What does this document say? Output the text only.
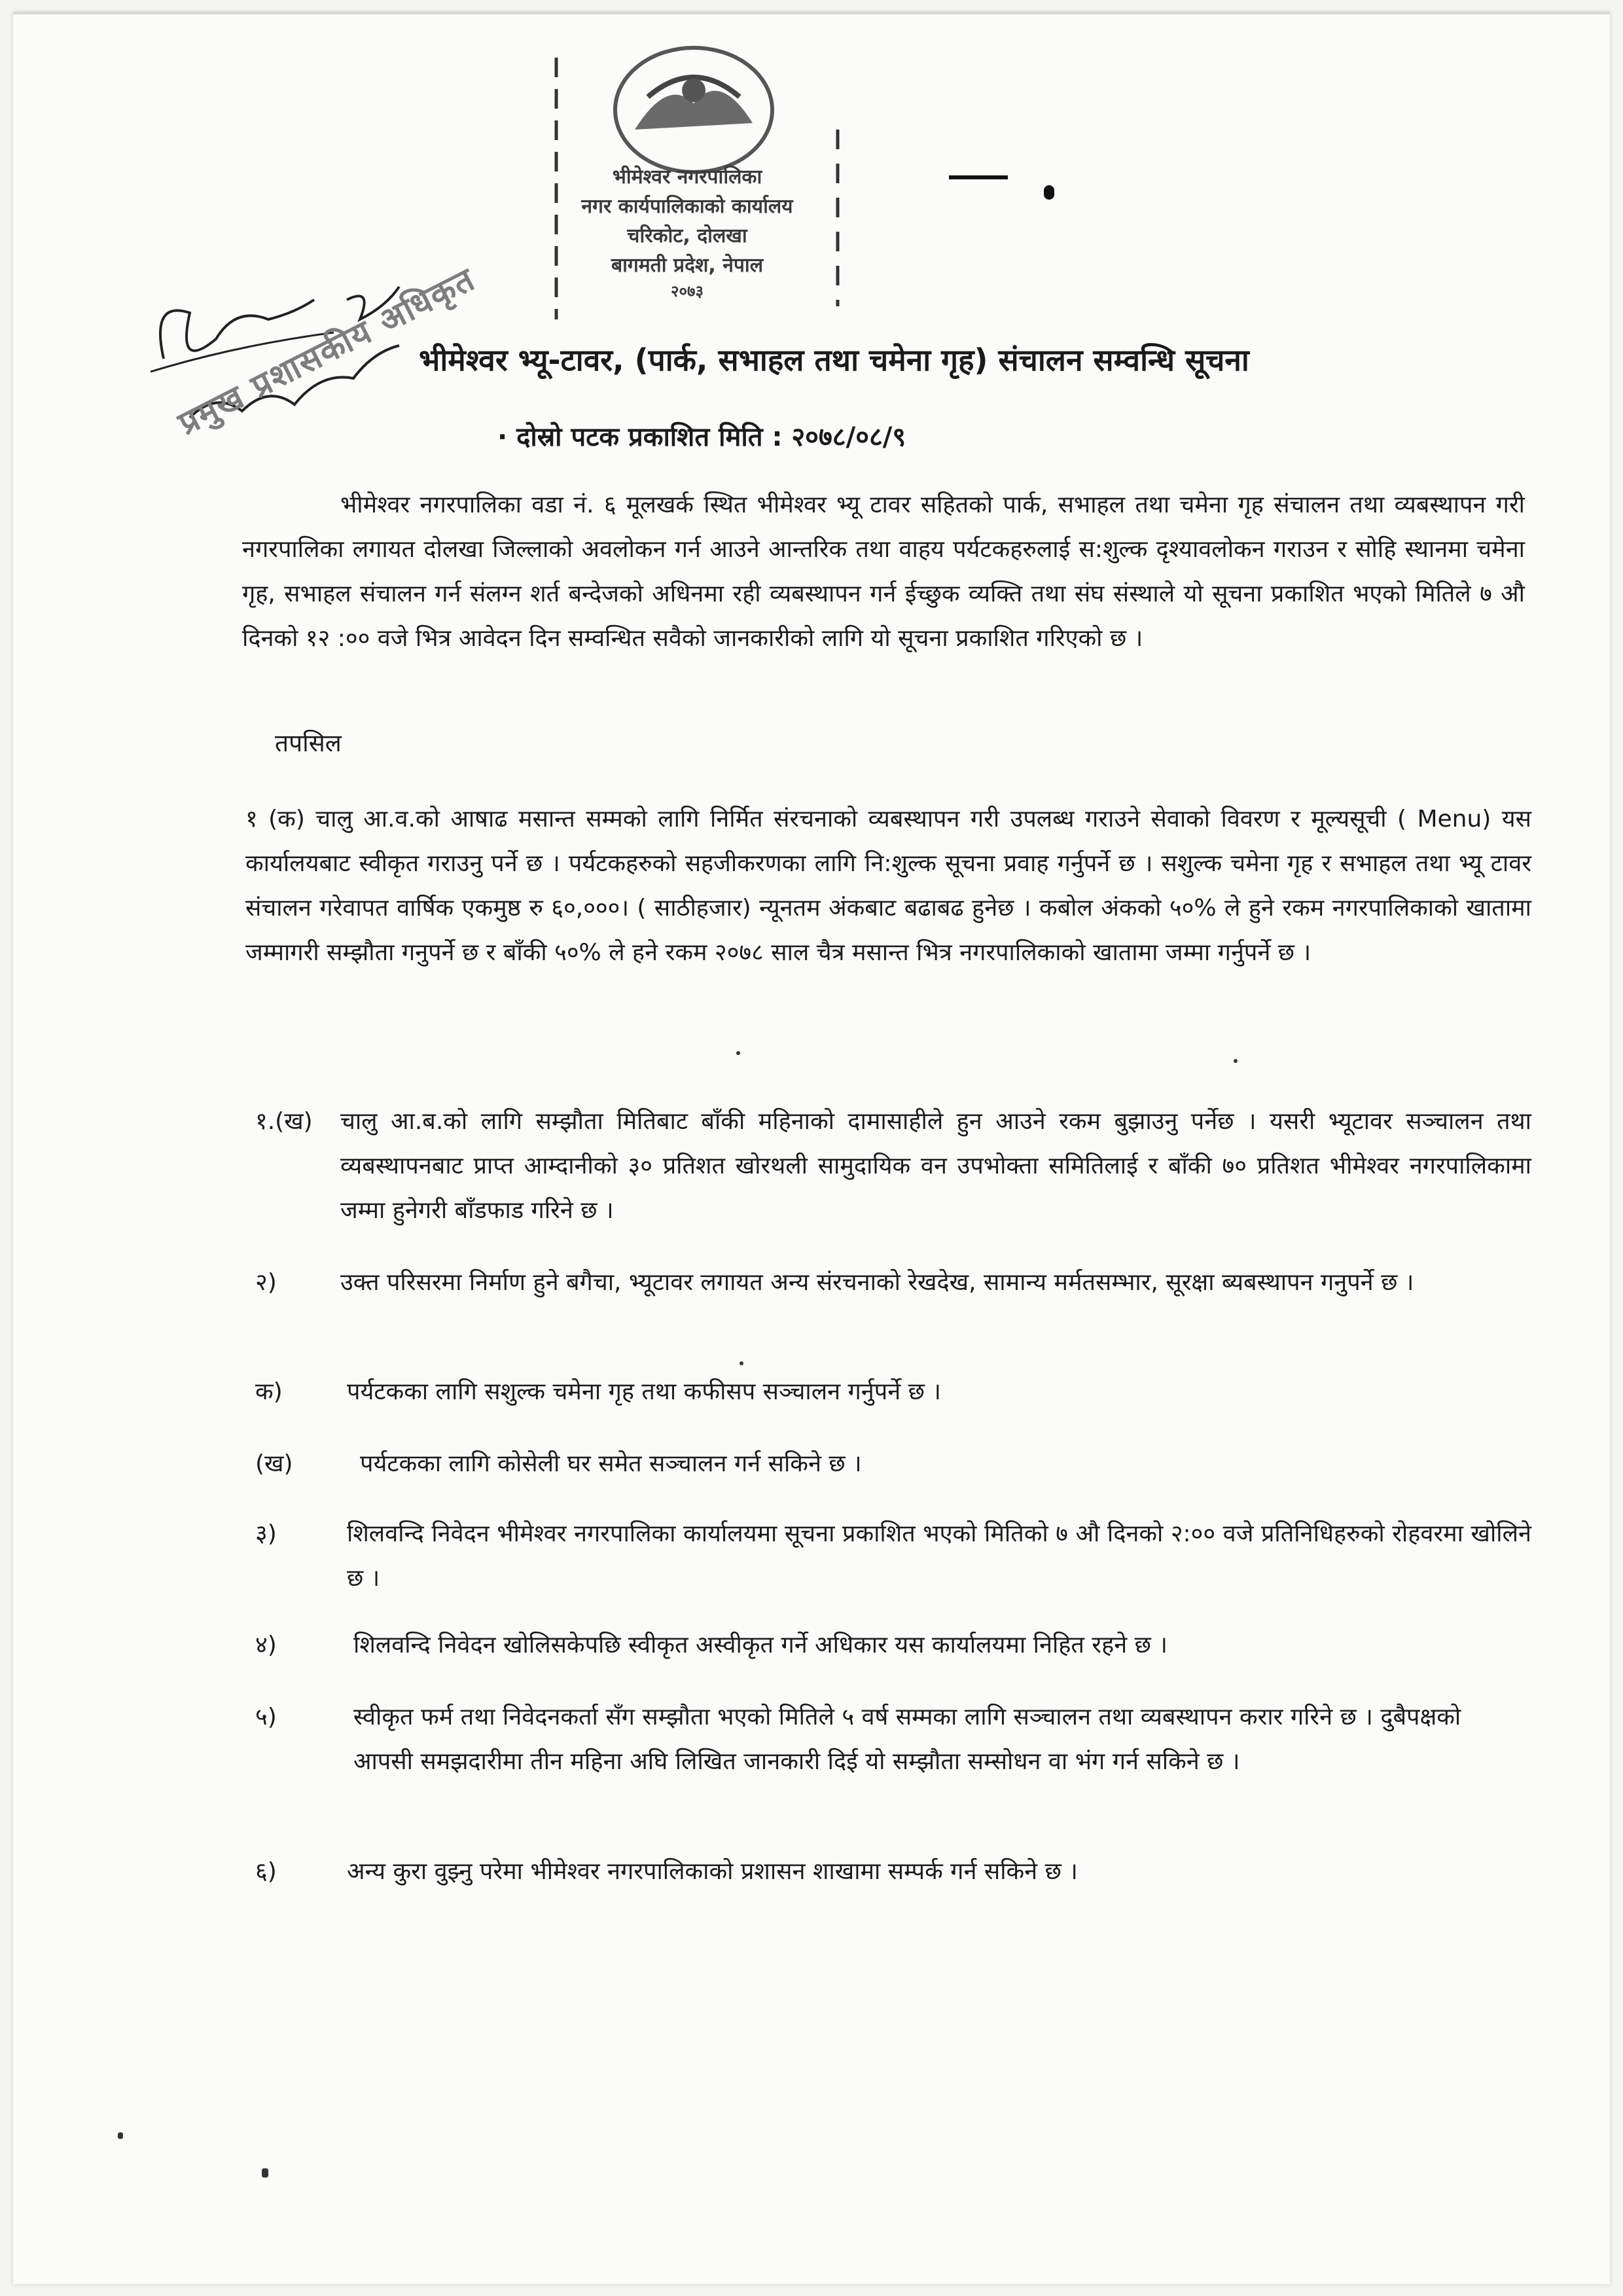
भीमेश्वर नगरपालिका
नगर कार्यपालिकाको कार्यालय
चरिकोट, दोलखा
बागमती प्रदेश, नेपाल
२०७३
प्रमुख प्रशासकीय अधिकृत
भीमेश्वर भ्यू-टावर, (पार्क, सभाहल तथा चमेना गृह) संचालन सम्वन्धि सूचना
· दोस्रो पटक प्रकाशित मिति : २०७८/०८/९
भीमेश्वर नगरपालिका वडा नं. ६ मूलखर्क स्थित भीमेश्वर भ्यू टावर सहितको पार्क, सभाहल तथा चमेना गृह संचालन तथा व्यबस्थापन गरी नगरपालिका लगायत दोलखा जिल्लाको अवलोकन गर्न आउने आन्तरिक तथा वाहय पर्यटकहरुलाई स:शुल्क दृश्यावलोकन गराउन र सोहि स्थानमा चमेना गृह, सभाहल संचालन गर्न संलग्न शर्त बन्देजको अधिनमा रही व्यबस्थापन गर्न ईच्छुक व्यक्ति तथा संघ संस्थाले यो सूचना प्रकाशित भएको मितिले ७ औ दिनको १२ :०० वजे भित्र आवेदन दिन सम्वन्धित सवैको जानकारीको लागि यो सूचना प्रकाशित गरिएको छ ।
तपसिल
१ (क) चालु आ.व.को आषाढ मसान्त सम्मको लागि निर्मित संरचनाको व्यबस्थापन गरी उपलब्ध गराउने सेवाको विवरण र मूल्यसूची ( Menu) यस कार्यालयबाट स्वीकृत गराउनु पर्ने छ । पर्यटकहरुको सहजीकरणका लागि नि:शुल्क सूचना प्रवाह गर्नुपर्ने छ । सशुल्क चमेना गृह र सभाहल तथा भ्यू टावर संचालन गरेवापत वार्षिक एकमुष्ठ रु ६०,०००। ( साठीहजार) न्यूनतम अंकबाट बढाबढ हुनेछ । कबोल अंकको ५०% ले हुने रकम नगरपालिकाको खातामा जम्मागरी सम्झौता गनुपर्ने छ र बाँकी ५०% ले हने रकम २०७८ साल चैत्र मसान्त भित्र नगरपालिकाको खातामा जम्मा गर्नुपर्ने छ ।
१.(ख) चालु आ.ब.को लागि सम्झौता मितिबाट बाँकी महिनाको दामासाहीले हुन आउने रकम बुझाउनु पर्नेछ । यसरी भ्यूटावर सञ्चालन तथा व्यबस्थापनबाट प्राप्त आम्दानीको ३० प्रतिशत खोरथली सामुदायिक वन उपभोक्ता समितिलाई र बाँकी ७० प्रतिशत भीमेश्वर नगरपालिकामा जम्मा हुनेगरी बाँडफाड गरिने छ ।
२)	उक्त परिसरमा निर्माण हुने बगैचा, भ्यूटावर लगायत अन्य संरचनाको रेखदेख, सामान्य मर्मतसम्भार, सूरक्षा ब्यबस्थापन गनुपर्ने छ ।
क)	पर्यटकका लागि सशुल्क चमेना गृह तथा कफीसप सञ्चालन गर्नुपर्ने छ ।
(ख)	पर्यटकका लागि कोसेली घर समेत सञ्चालन गर्न सकिने छ ।
३)	शिलवन्दि निवेदन भीमेश्वर नगरपालिका कार्यालयमा सूचना प्रकाशित भएको मितिको ७ औ दिनको २:०० वजे प्रतिनिधिहरुको रोहवरमा खोलिने छ ।
४)	शिलवन्दि निवेदन खोलिसकेपछि स्वीकृत अस्वीकृत गर्ने अधिकार यस कार्यालयमा निहित रहने छ ।
५)	स्वीकृत फर्म तथा निवेदनकर्ता सँग सम्झौता भएको मितिले ५ वर्ष सम्मका लागि सञ्चालन तथा व्यबस्थापन करार गरिने छ । दुबैपक्षको आपसी समझदारीमा तीन महिना अघि लिखित जानकारी दिई यो सम्झौता सम्सोधन वा भंग गर्न सकिने छ ।
६)	अन्य कुरा वुझ्नु परेमा भीमेश्वर नगरपालिकाको प्रशासन शाखामा सम्पर्क गर्न सकिने छ ।
